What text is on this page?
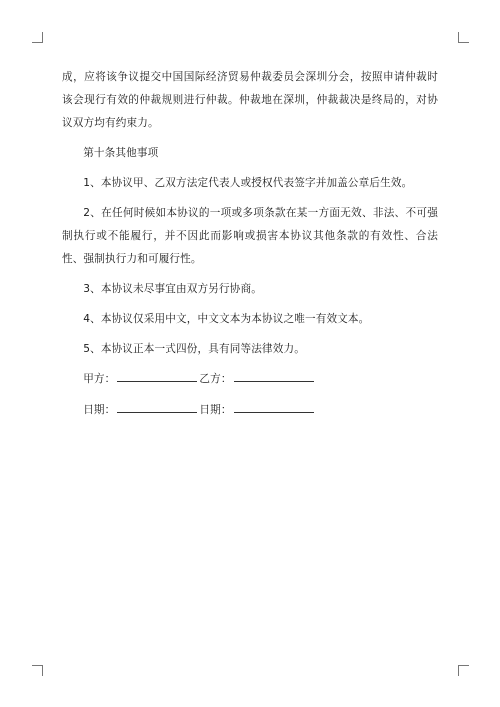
成，应将该争议提交中国国际经济贸易仲裁委员会深圳分会，按照申请仲裁时该会现行有效的仲裁规则进行仲裁。仲裁地在深圳，仲裁裁决是终局的，对协议双方均有约束力。

第十条其他事项

1、本协议甲、乙双方法定代表人或授权代表签字并加盖公章后生效。

2、在任何时候如本协议的一项或多项条款在某一方面无效、非法、不可强制执行或不能履行，并不因此而影响或损害本协议其他条款的有效性、合法性、强制执行力和可履行性。

3、本协议未尽事宜由双方另行协商。

4、本协议仅采用中文，中文文本为本协议之唯一有效文本。

5、本协议正本一式四份，具有同等法律效力。

甲方：	乙方：
日期：	日期：
